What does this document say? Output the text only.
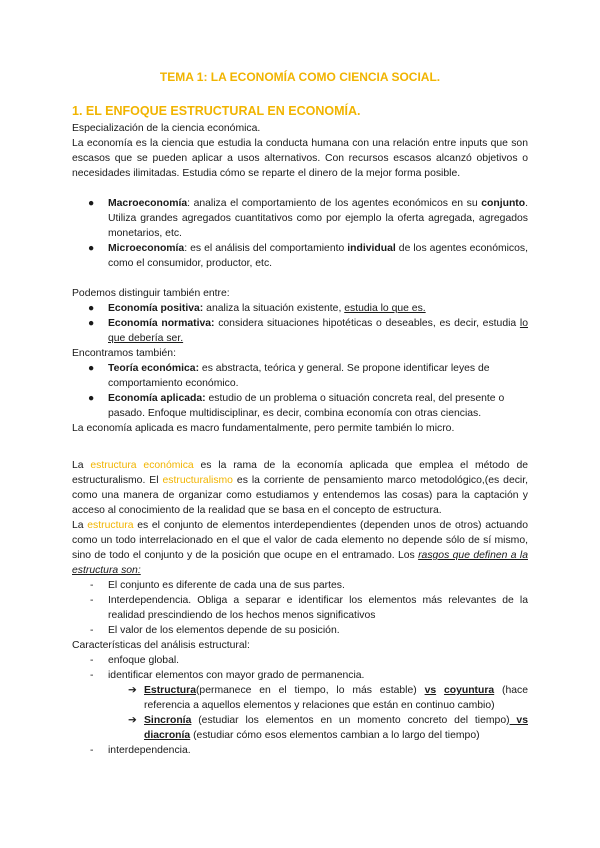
TEMA 1: LA ECONOMÍA COMO CIENCIA SOCIAL.
1. EL ENFOQUE ESTRUCTURAL EN ECONOMÍA.

Especialización de la ciencia económica.

La economía es la ciencia que estudia la conducta humana con una relación entre inputs que son escasos que se pueden aplicar a usos alternativos. Con recursos escasos alcanzó objetivos o necesidades ilimitadas. Estudia cómo se reparte el dinero de la mejor forma posible.

● Macroeconomía: analiza el comportamiento de los agentes económicos en su conjunto. Utiliza grandes agregados cuantitativos como por ejemplo la oferta agregada, agregados monetarios, etc.
● Microeconomía: es el análisis del comportamiento individual de los agentes económicos, como el consumidor, productor, etc.

Podemos distinguir también entre:

● Economía positiva: analiza la situación existente, estudia lo que es.
● Economía normativa: considera situaciones hipotéticas o deseables, es decir, estudia lo que debería ser.

Encontramos también:

● Teoría económica: es abstracta, teórica y general. Se propone identificar leyes de comportamiento económico.
● Economía aplicada: estudio de un problema o situación concreta real, del presente o pasado. Enfoque multidisciplinar, es decir, combina economía con otras ciencias.

La economía aplicada es macro fundamentalmente, pero permite también lo micro.

La estructura económica es la rama de la economía aplicada que emplea el método de estructuralismo. El estructuralismo es la corriente de pensamiento marco metodológico,(es decir, como una manera de organizar como estudiamos y entendemos las cosas) para la captación y acceso al conocimiento de la realidad que se basa en el concepto de estructura.

La estructura es el conjunto de elementos interdependientes (dependen unos de otros) actuando como un todo interrelacionado en el que el valor de cada elemento no depende sólo de sí mismo, sino de todo el conjunto y de la posición que ocupe en el entramado. Los rasgos que definen a la estructura son:

- El conjunto es diferente de cada una de sus partes.
- Interdependencia. Obliga a separar e identificar los elementos más relevantes de la realidad prescindiendo de los hechos menos significativos
- El valor de los elementos depende de su posición.

Características del análisis estructural:

- enfoque global.
- identificar elementos con mayor grado de permanencia.
➔ Estructura(permanece en el tiempo, lo más estable) vs coyuntura (hace referencia a aquellos elementos y relaciones que están en continuo cambio)
➔ Sincronía (estudiar los elementos en un momento concreto del tiempo) vs diacronía (estudiar cómo esos elementos cambian a lo largo del tiempo)
- interdependencia.
